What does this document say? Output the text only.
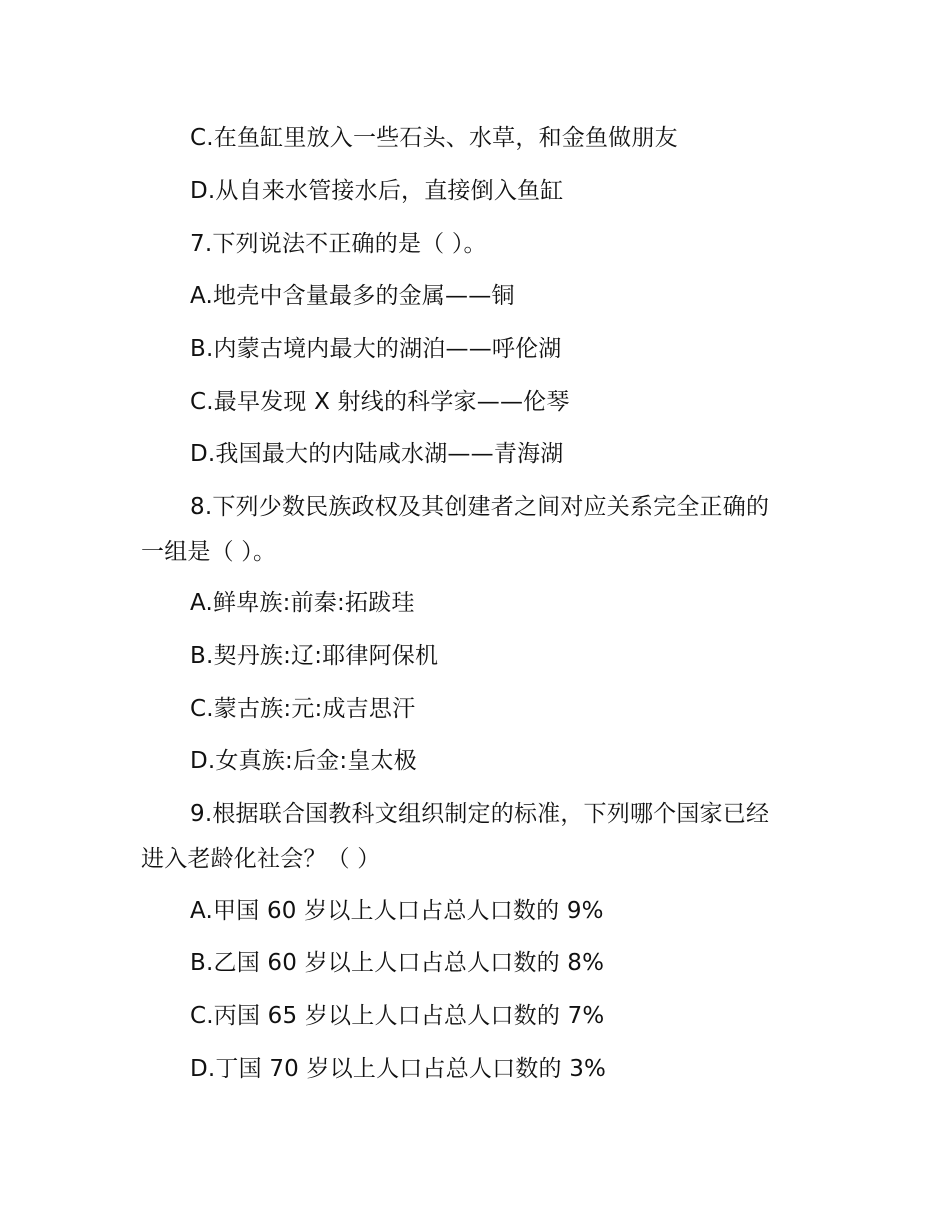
C.在鱼缸里放入一些石头、水草，和金鱼做朋友
D.从自来水管接水后，直接倒入鱼缸
7.下列说法不正确的是（ ）。
A.地壳中含量最多的金属——铜
B.内蒙古境内最大的湖泊——呼伦湖
C.最早发现 X 射线的科学家——伦琴
D.我国最大的内陆咸水湖——青海湖
8.下列少数民族政权及其创建者之间对应关系完全正确的
一组是（ ）。
A.鲜卑族:前秦:拓跋珪
B.契丹族:辽:耶律阿保机
C.蒙古族:元:成吉思汗
D.女真族:后金:皇太极
9.根据联合国教科文组织制定的标准，下列哪个国家已经
进入老龄化社会？（ ）
A.甲国 60 岁以上人口占总人口数的 9%
B.乙国 60 岁以上人口占总人口数的 8%
C.丙国 65 岁以上人口占总人口数的 7%
D.丁国 70 岁以上人口占总人口数的 3%
